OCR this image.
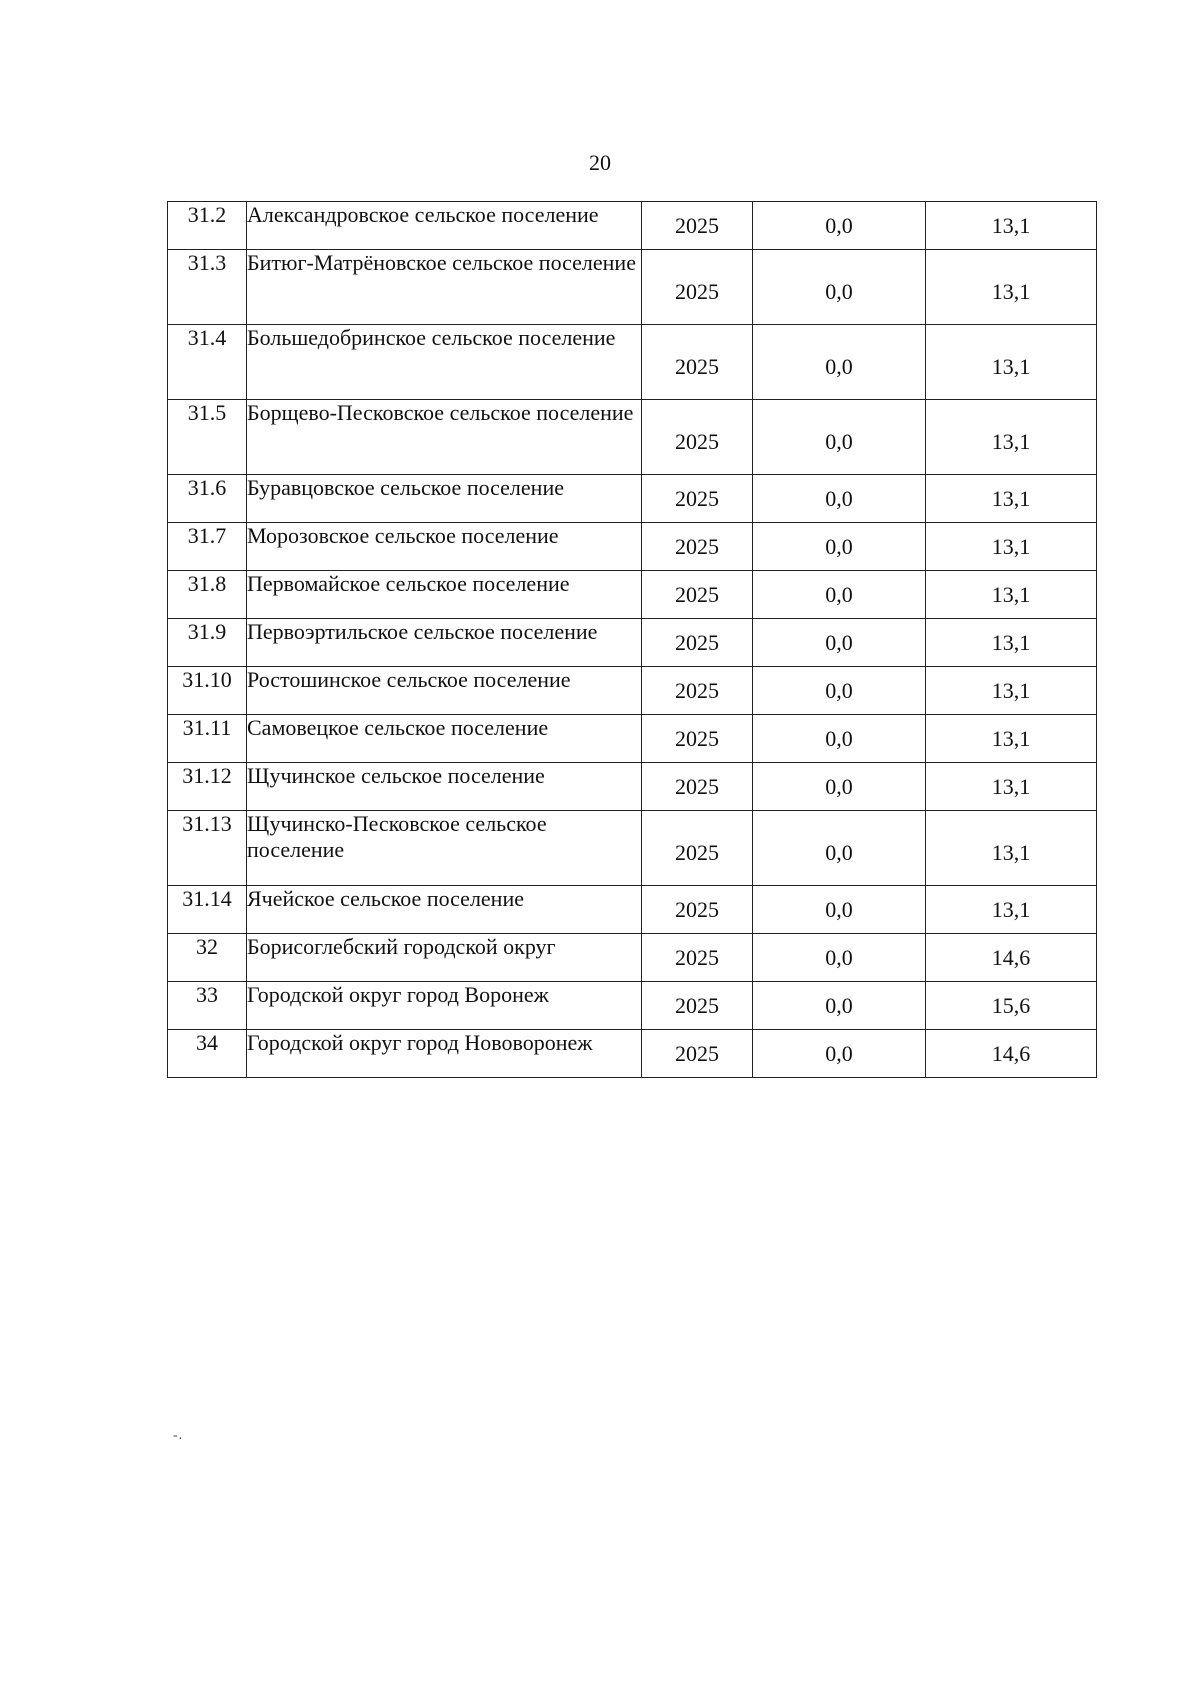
20
31.2	Александровское сельское поселение	2025	0,0	13,1
31.3	Битюг-Матрёновское сельское поселение	2025	0,0	13,1
31.4	Большедобринское сельское поселение	2025	0,0	13,1
31.5	Борщево-Песковское сельское поселение	2025	0,0	13,1
31.6	Буравцовское сельское поселение	2025	0,0	13,1
31.7	Морозовское сельское поселение	2025	0,0	13,1
31.8	Первомайское сельское поселение	2025	0,0	13,1
31.9	Первоэртильское сельское поселение	2025	0,0	13,1
31.10	Ростошинское сельское поселение	2025	0,0	13,1
31.11	Самовецкое сельское поселение	2025	0,0	13,1
31.12	Щучинское сельское поселение	2025	0,0	13,1
31.13	Щучинско-Песковское сельское поселение	2025	0,0	13,1
31.14	Ячейское сельское поселение	2025	0,0	13,1
32	Борисоглебский городской округ	2025	0,0	14,6
33	Городской округ город Воронеж	2025	0,0	15,6
34	Городской округ город Нововоронеж	2025	0,0	14,6
-.
